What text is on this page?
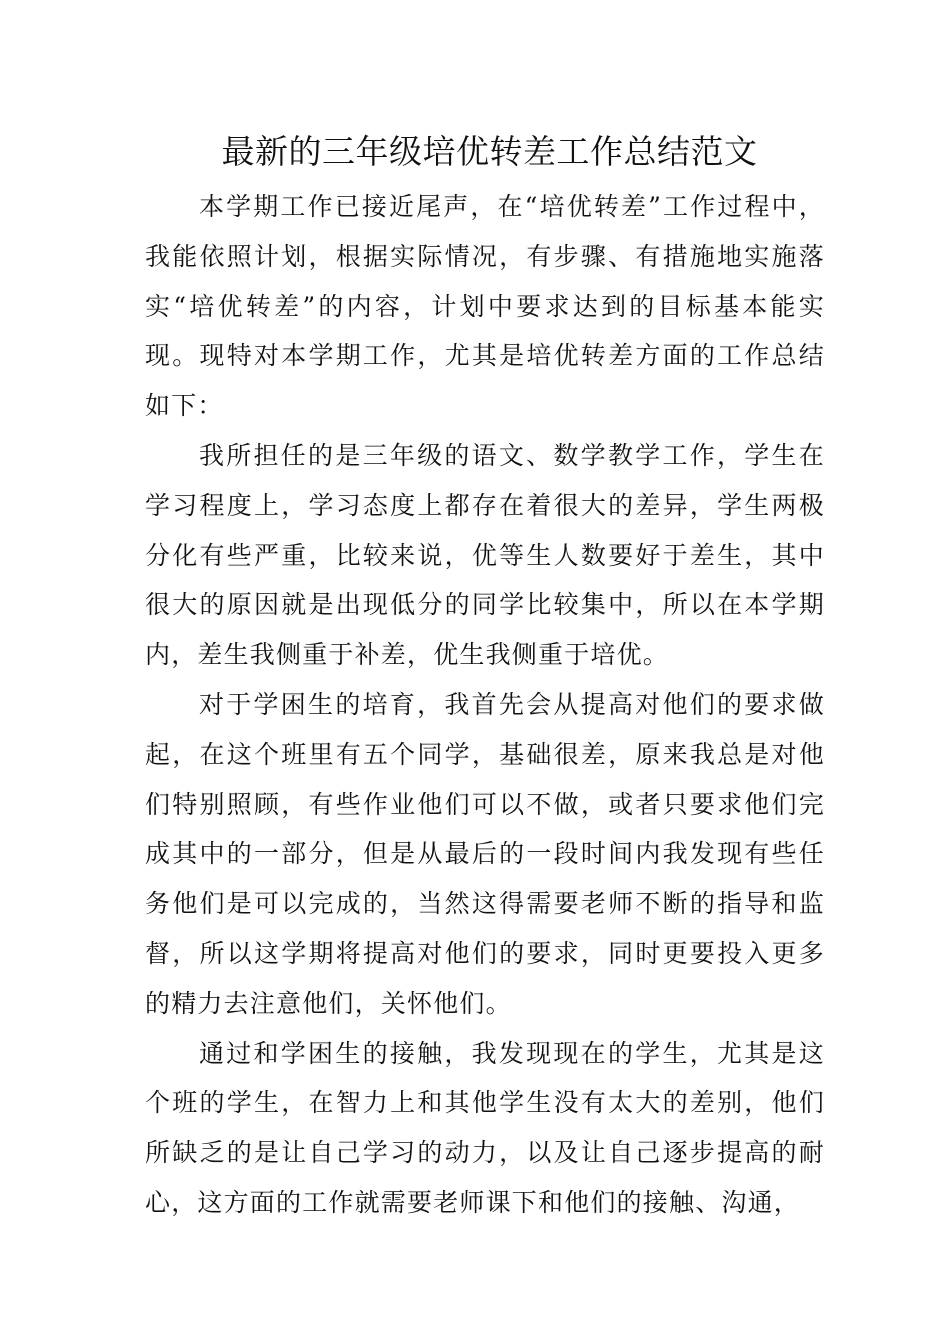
最新的三年级培优转差工作总结范文

本学期工作已接近尾声，在“培优转差”工作过程中，我能依照计划，根据实际情况，有步骤、有措施地实施落实“培优转差”的内容，计划中要求达到的目标基本能实现。现特对本学期工作，尤其是培优转差方面的工作总结如下：

我所担任的是三年级的语文、数学教学工作，学生在学习程度上，学习态度上都存在着很大的差异，学生两极分化有些严重，比较来说，优等生人数要好于差生，其中很大的原因就是出现低分的同学比较集中，所以在本学期内，差生我侧重于补差，优生我侧重于培优。

对于学困生的培育，我首先会从提高对他们的要求做起，在这个班里有五个同学，基础很差，原来我总是对他们特别照顾，有些作业他们可以不做，或者只要求他们完成其中的一部分，但是从最后的一段时间内我发现有些任务他们是可以完成的，当然这得需要老师不断的指导和监督，所以这学期将提高对他们的要求，同时更要投入更多的精力去注意他们，关怀他们。

通过和学困生的接触，我发现现在的学生，尤其是这个班的学生，在智力上和其他学生没有太大的差别，他们所缺乏的是让自己学习的动力，以及让自己逐步提高的耐心，这方面的工作就需要老师课下和他们的接触、沟通，
